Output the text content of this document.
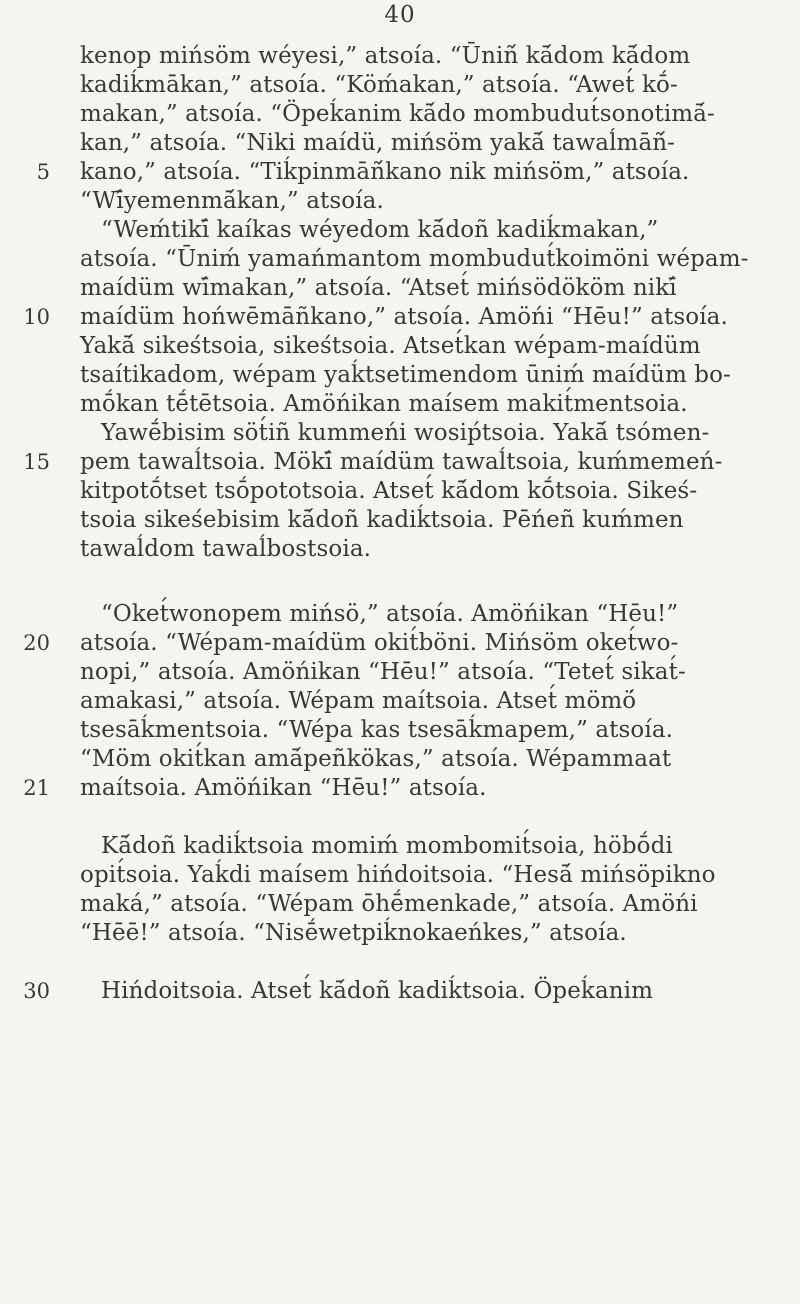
40
kenop mińsöm wéyesi,” atsoía. “Ūniñ́ kā́dom kā́dom
kadiḱmākan,” atsoía. “Köḿakan,” atsoía. “Awet́ kṓ-
makan,” atsoía. “Öpeḱanim kā́do mombudut́sonotimā́-
kan,” atsoía. “Niki maídü, mińsöm yakā́ tawaĺmāñ́-
kano,” atsoía. “Tiḱpinmāñ́kano nik mińsöm,” atsoía.
“Wī́yemenmā́kan,” atsoía.
“Weḿtikī́ kaíkas wéyedom kā́doñ kadiḱmakan,”
atsoía. “Ūniḿ yamańmantom mombudut́koimöni wépam-
maídüm wī́makan,” atsoía. “Atset́ mińsödököm nikī́
maídüm hońwēmāñkano,” atsoía. Amöńi “Hēu!” atsoía.
Yakā́ sikeśtsoia, sikeśtsoia. Atset́kan wépam-maídüm
tsaítikadom, wépam yaḱtsetimendom ūniḿ maídüm bo-
mṓkan tḗtētsoia. Amöńikan maísem makit́mentsoia.
Yawḗbisim söt́iñ kummeńi wosiṕtsoia. Yakā́ tsómen-
pem tawaĺtsoia. Mökī́ maídüm tawaĺtsoia, kuḿmemeń-
kitpotṓtset tsṓpototsoia. Atset́ kā́dom kṓtsoia. Sikeś-
tsoia sikeśebisim kā́doñ kadiḱtsoia. Pēńeñ kuḿmen
tawaĺdom tawaĺbostsoia.
“Oket́wonopem mińsö,” atsoía. Amöńikan “Hēu!”
atsoía. “Wépam-maídüm okit́böni. Mińsöm oket́wo-
nopi,” atsoía. Amöńikan “Hēu!” atsoía. “Tetet́ sikat́-
amakasi,” atsoía. Wépam maítsoia. Atset́ mömö́
tsesāḱmentsoia. “Wépa kas tsesāḱmapem,” atsoía.
“Möm okit́kan amā́peñkökas,” atsoía. Wépammaat
maítsoia. Amöńikan “Hēu!” atsoía.
Kā́doñ kadiḱtsoia momiḿ mombomit́soia, höbṓdi
opit́soia. Yaḱdi maísem hińdoitsoia. “Hesā́ mińsöpikno
maká,” atsoía. “Wépam ōhḗmenkade,” atsoía. Amöńi
“Hēē!” atsoía. “Nisḗwetpiḱnokaeńkes,” atsoía.
Hińdoitsoia. Atset́ kā́doñ kadiḱtsoia. Öpeḱanim
5
10
15
20
21
30
